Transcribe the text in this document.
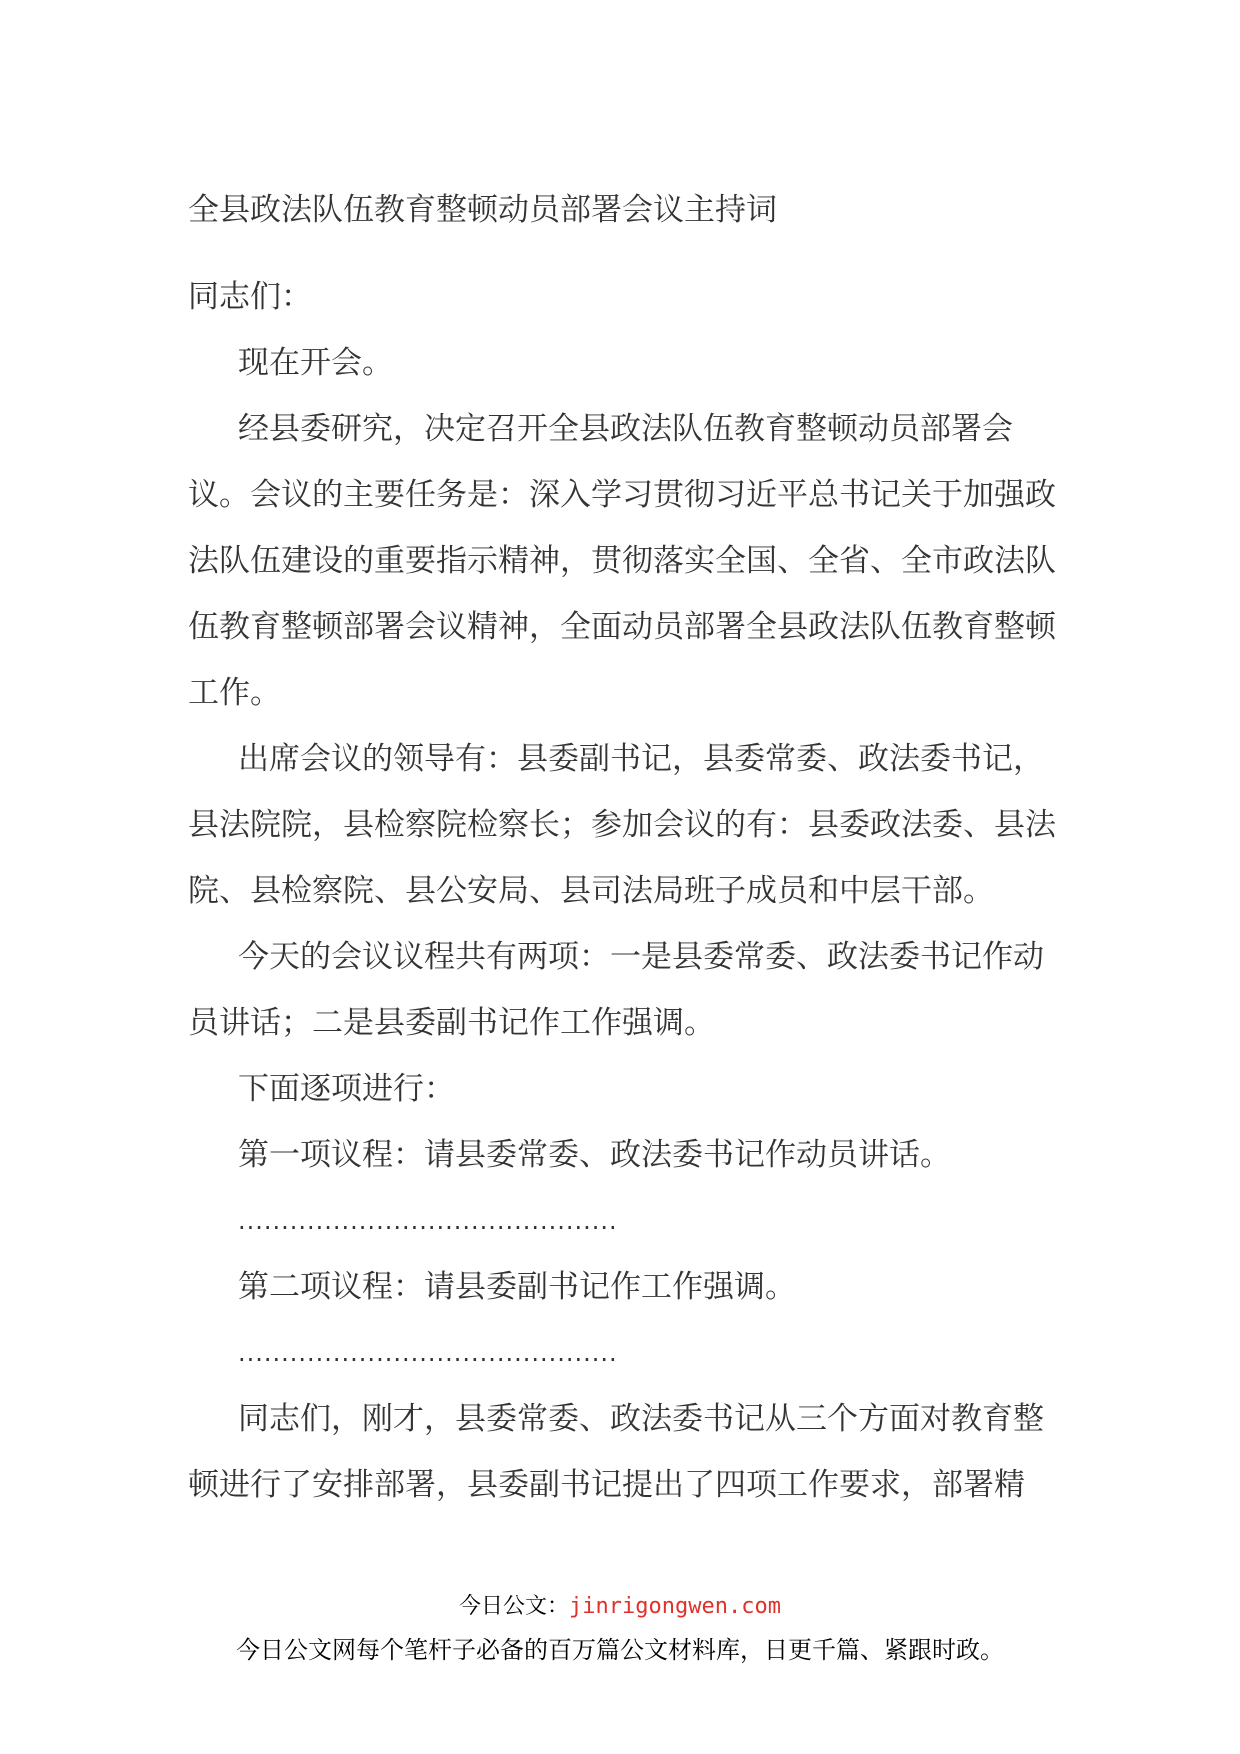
全县政法队伍教育整顿动员部署会议主持词

同志们：

现在开会。

经县委研究，决定召开全县政法队伍教育整顿动员部署会议。会议的主要任务是：深入学习贯彻习近平总书记关于加强政法队伍建设的重要指示精神，贯彻落实全国、全省、全市政法队伍教育整顿部署会议精神，全面动员部署全县政法队伍教育整顿工作。

出席会议的领导有：县委副书记，县委常委、政法委书记，县法院院，县检察院检察长；参加会议的有：县委政法委、县法院、县检察院、县公安局、县司法局班子成员和中层干部。

今天的会议议程共有两项：一是县委常委、政法委书记作动员讲话；二是县委副书记作工作强调。

下面逐项进行：

第一项议程：请县委常委、政法委书记作动员讲话。

............................................

第二项议程：请县委副书记作工作强调。

............................................

同志们，刚才，县委常委、政法委书记从三个方面对教育整顿进行了安排部署，县委副书记提出了四项工作要求，部署精

今日公文：jinrigongwen.com
今日公文网每个笔杆子必备的百万篇公文材料库，日更千篇、紧跟时政。
